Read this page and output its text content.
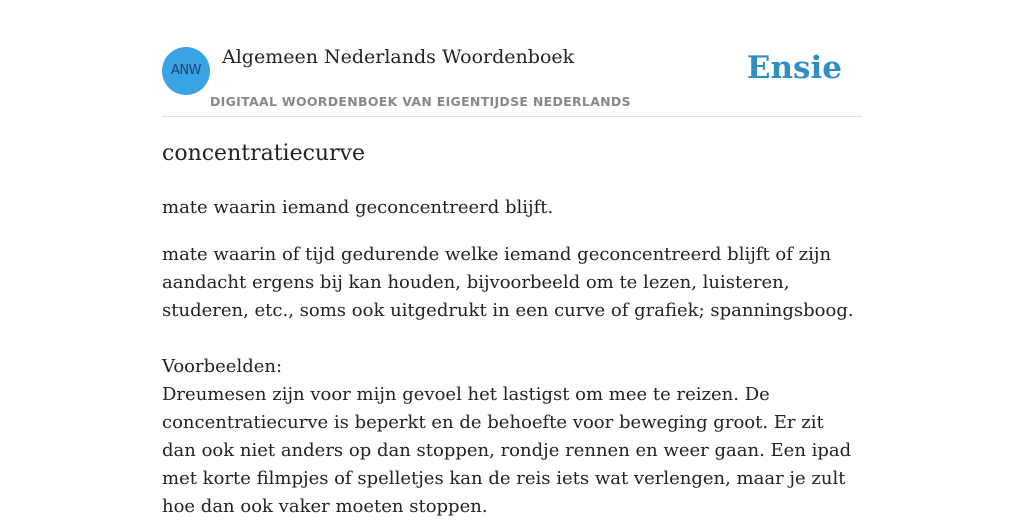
ANW
Algemeen Nederlands Woordenboek
DIGITAAL WOORDENBOEK VAN EIGENTIJDSE NEDERLANDS
Ensie
concentratiecurve

mate waarin iemand geconcentreerd blijft.

mate waarin of tijd gedurende welke iemand geconcentreerd blijft of zijn aandacht ergens bij kan houden, bijvoorbeeld om te lezen, luisteren, studeren, etc., soms ook uitgedrukt in een curve of grafiek; spanningsboog.

Voorbeelden:

Dreumesen zijn voor mijn gevoel het lastigst om mee te reizen. De concentratiecurve is beperkt en de behoefte voor beweging groot. Er zit dan ook niet anders op dan stoppen, rondje rennen en weer gaan. Een ipad met korte filmpjes of spelletjes kan de reis iets wat verlengen, maar je zult hoe dan ook vaker moeten stoppen.
